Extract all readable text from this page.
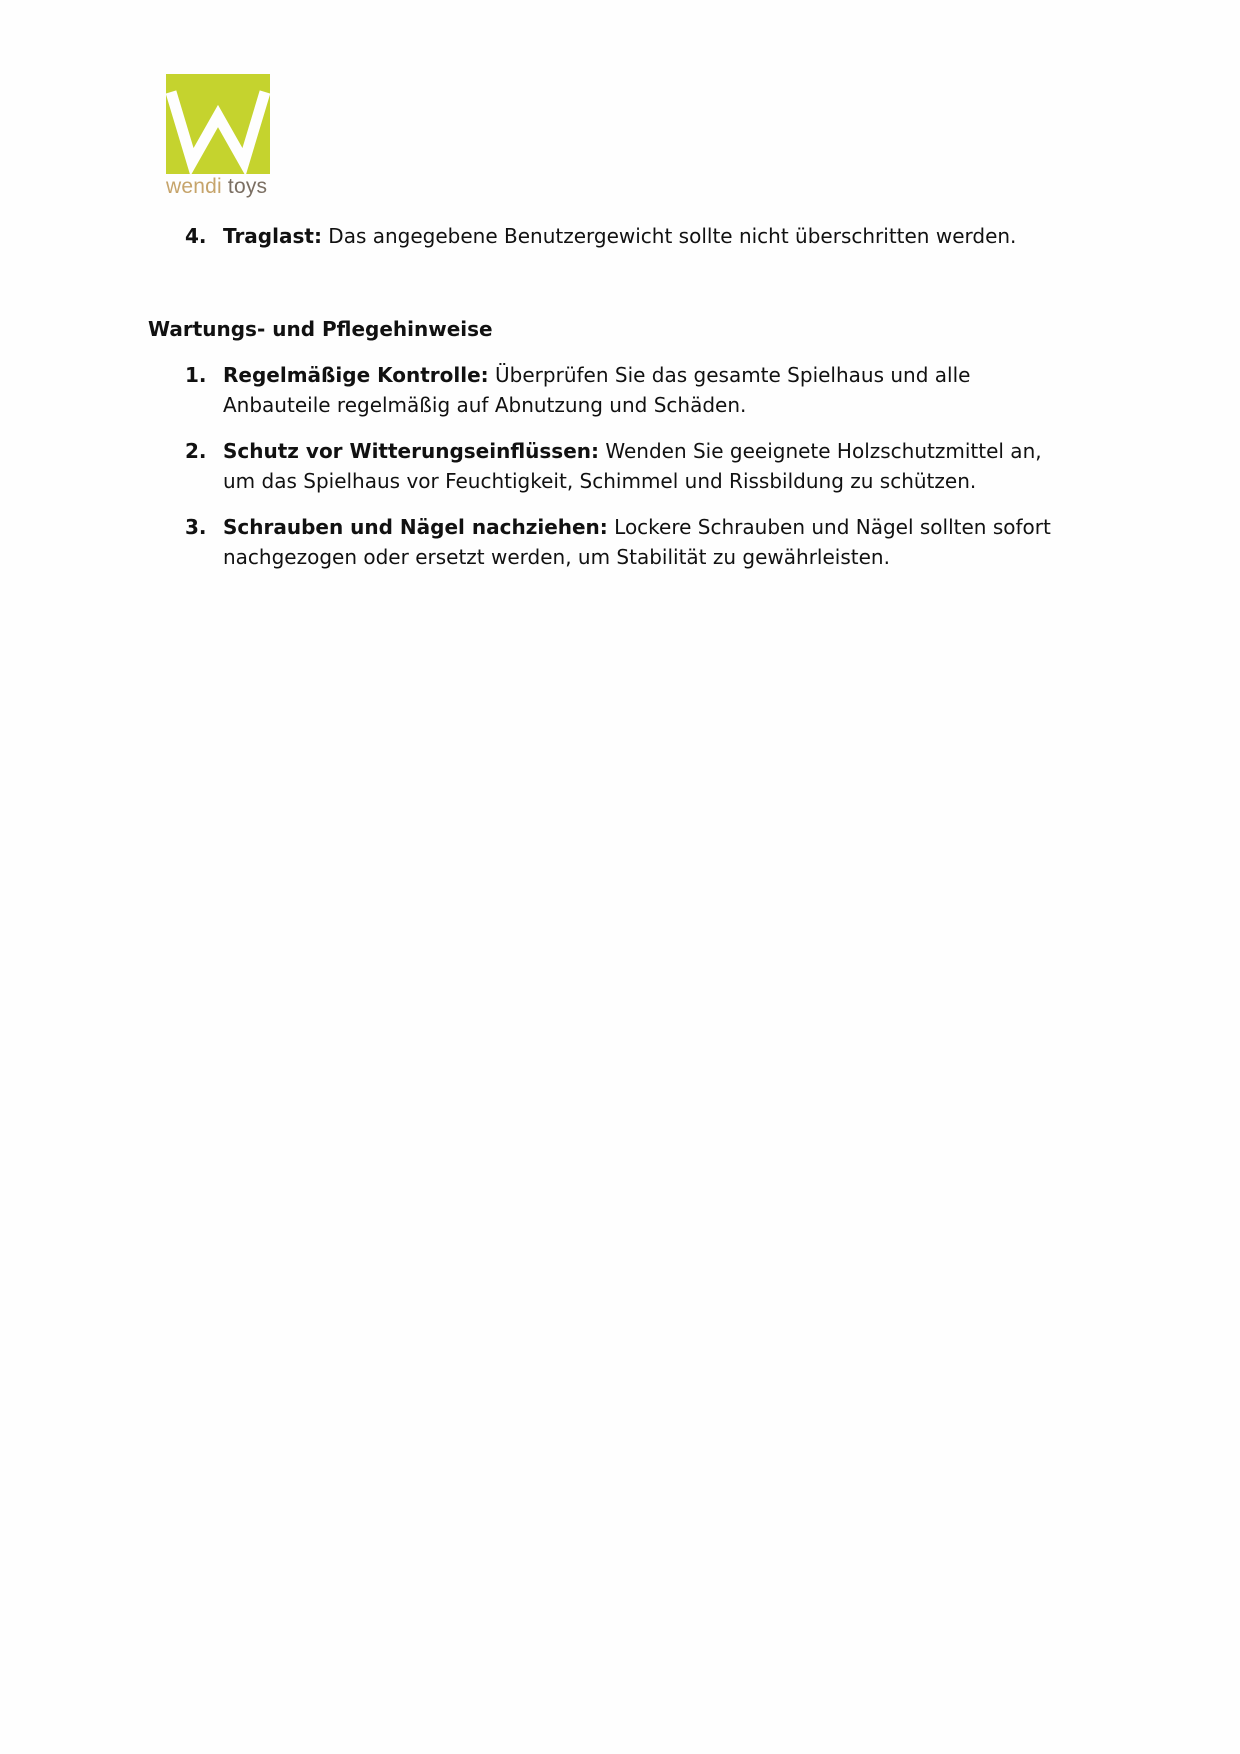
wendi toys
4. Traglast: Das angegebene Benutzergewicht sollte nicht überschritten werden.
Wartungs- und Pflegehinweise
1. Regelmäßige Kontrolle: Überprüfen Sie das gesamte Spielhaus und alle Anbauteile regelmäßig auf Abnutzung und Schäden.
2. Schutz vor Witterungseinflüssen: Wenden Sie geeignete Holzschutzmittel an, um das Spielhaus vor Feuchtigkeit, Schimmel und Rissbildung zu schützen.
3. Schrauben und Nägel nachziehen: Lockere Schrauben und Nägel sollten sofort nachgezogen oder ersetzt werden, um Stabilität zu gewährleisten.
